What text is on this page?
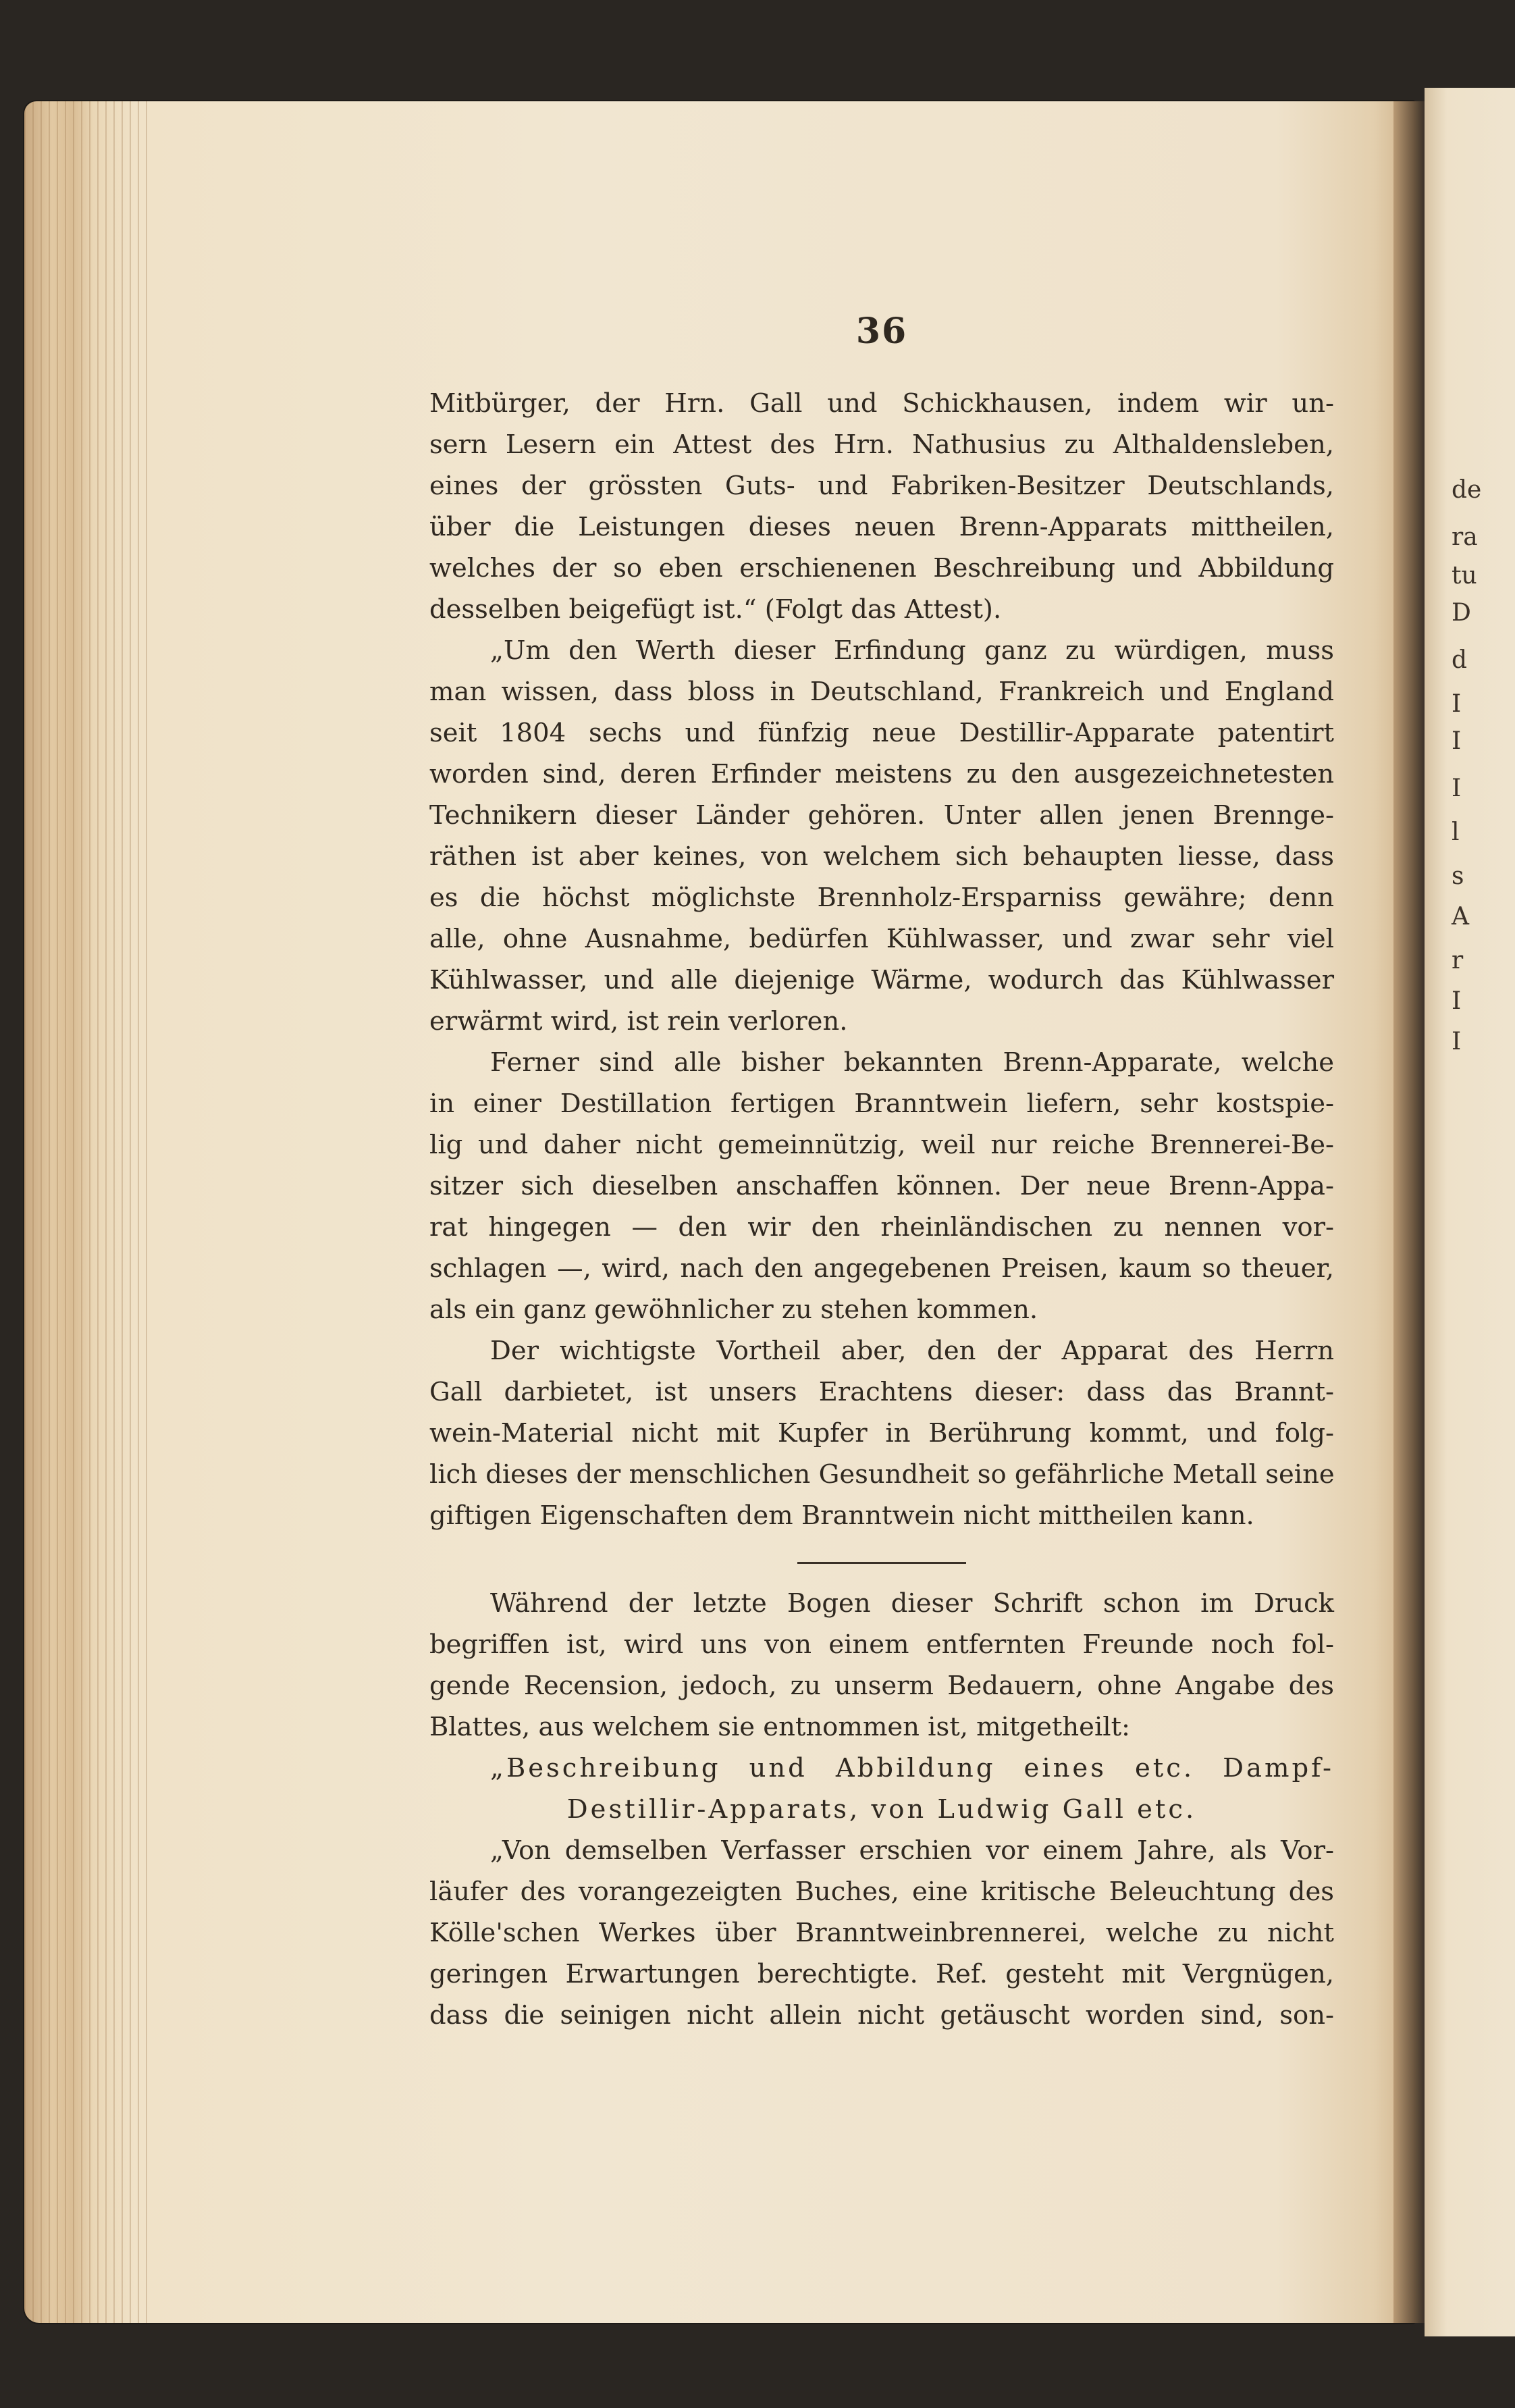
de
ra
tu
D
d
I
I
I
l
s
A
r
I
I
36

Mitbürger, der Hrn. Gall und Schickhausen, indem wir un-
sern Lesern ein Attest des Hrn. Nathusius zu Althaldensleben,
eines der grössten Guts- und Fabriken-Besitzer Deutschlands,
über die Leistungen dieses neuen Brenn-Apparats mittheilen,
welches der so eben erschienenen Beschreibung und Abbildung
desselben beigefügt ist.“ (Folgt das Attest).

„Um den Werth dieser Erfindung ganz zu würdigen, muss
man wissen, dass bloss in Deutschland, Frankreich und England
seit 1804 sechs und fünfzig neue Destillir-Apparate patentirt
worden sind, deren Erfinder meistens zu den ausgezeichnetesten
Technikern dieser Länder gehören. Unter allen jenen Brennge-
räthen ist aber keines, von welchem sich behaupten liesse, dass
es die höchst möglichste Brennholz-Ersparniss gewähre; denn
alle, ohne Ausnahme, bedürfen Kühlwasser, und zwar sehr viel
Kühlwasser, und alle diejenige Wärme, wodurch das Kühlwasser
erwärmt wird, ist rein verloren.

Ferner sind alle bisher bekannten Brenn-Apparate, welche
in einer Destillation fertigen Branntwein liefern, sehr kostspie-
lig und daher nicht gemeinnützig, weil nur reiche Brennerei-Be-
sitzer sich dieselben anschaffen können. Der neue Brenn-Appa-
rat hingegen — den wir den rheinländischen zu nennen vor-
schlagen —, wird, nach den angegebenen Preisen, kaum so theuer,
als ein ganz gewöhnlicher zu stehen kommen.

Der wichtigste Vortheil aber, den der Apparat des Herrn
Gall darbietet, ist unsers Erachtens dieser: dass das Brannt-
wein-Material nicht mit Kupfer in Berührung kommt, und folg-
lich dieses der menschlichen Gesundheit so gefährliche Metall seine
giftigen Eigenschaften dem Branntwein nicht mittheilen kann.

Während der letzte Bogen dieser Schrift schon im Druck
begriffen ist, wird uns von einem entfernten Freunde noch fol-
gende Recension, jedoch, zu unserm Bedauern, ohne Angabe des
Blattes, aus welchem sie entnommen ist, mitgetheilt:

„Beschreibung und Abbildung eines etc. Dampf-
Destillir-Apparats, von Ludwig Gall etc.

„Von demselben Verfasser erschien vor einem Jahre, als Vor-
läufer des vorangezeigten Buches, eine kritische Beleuchtung des
Kölle'schen Werkes über Branntweinbrennerei, welche zu nicht
geringen Erwartungen berechtigte. Ref. gesteht mit Vergnügen,
dass die seinigen nicht allein nicht getäuscht worden sind, son-
